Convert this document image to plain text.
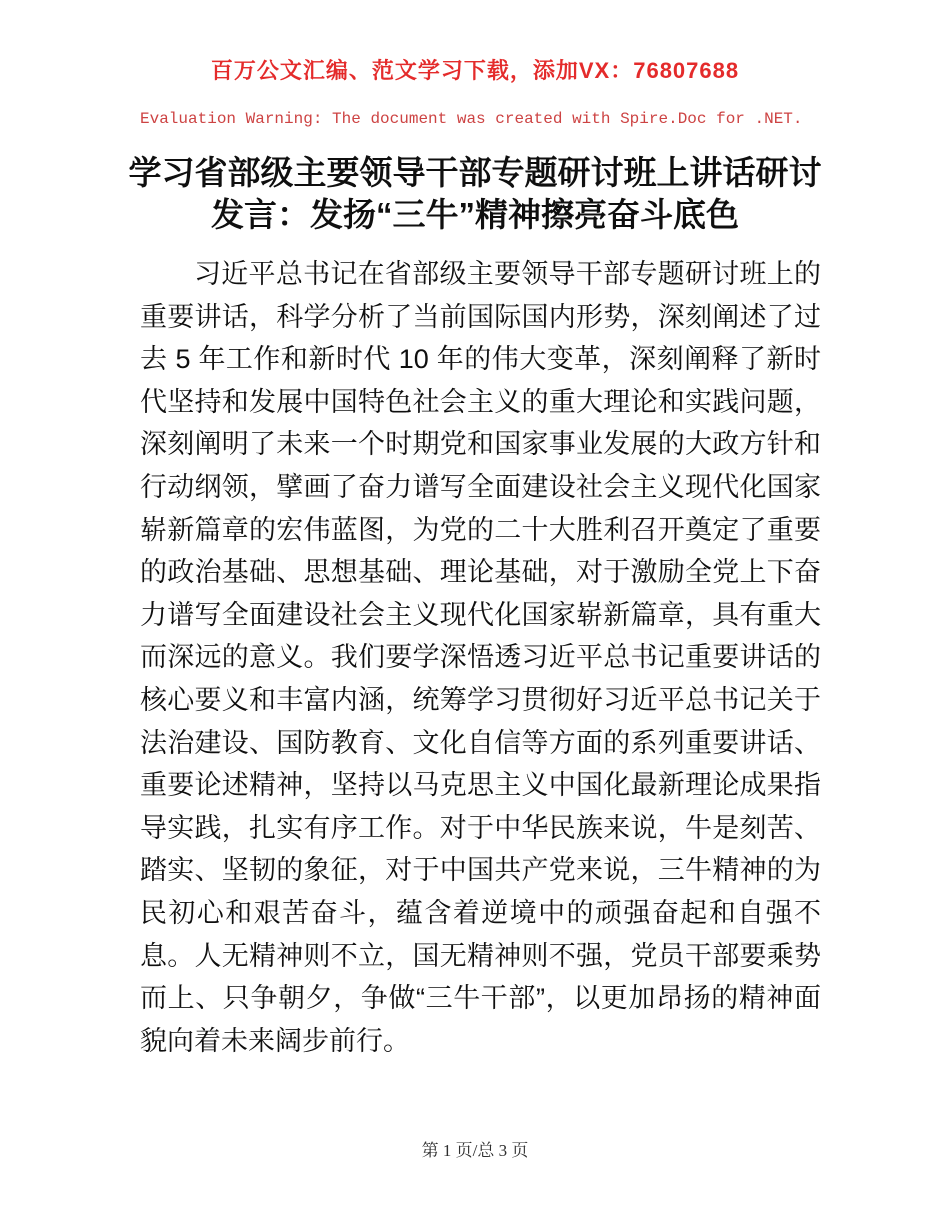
百万公文汇编、范文学习下载，添加VX：76807688
Evaluation Warning: The document was created with Spire.Doc for .NET.
学习省部级主要领导干部专题研讨班上讲话研讨发言：发扬“三牛”精神擦亮奋斗底色

习近平总书记在省部级主要领导干部专题研讨班上的重要讲话，科学分析了当前国际国内形势，深刻阐述了过去 5 年工作和新时代 10 年的伟大变革，深刻阐释了新时代坚持和发展中国特色社会主义的重大理论和实践问题，深刻阐明了未来一个时期党和国家事业发展的大政方针和行动纲领，擘画了奋力谱写全面建设社会主义现代化国家崭新篇章的宏伟蓝图，为党的二十大胜利召开奠定了重要的政治基础、思想基础、理论基础，对于激励全党上下奋力谱写全面建设社会主义现代化国家崭新篇章，具有重大而深远的意义。我们要学深悟透习近平总书记重要讲话的核心要义和丰富内涵，统筹学习贯彻好习近平总书记关于法治建设、国防教育、文化自信等方面的系列重要讲话、重要论述精神，坚持以马克思主义中国化最新理论成果指导实践，扎实有序工作。对于中华民族来说，牛是刻苦、踏实、坚韧的象征，对于中国共产党来说，三牛精神的为民初心和艰苦奋斗，蕴含着逆境中的顽强奋起和自强不息。人无精神则不立，国无精神则不强，党员干部要乘势而上、只争朝夕，争做“三牛干部”，以更加昂扬的精神面貌向着未来阔步前行。

第 1 页/总 3 页
